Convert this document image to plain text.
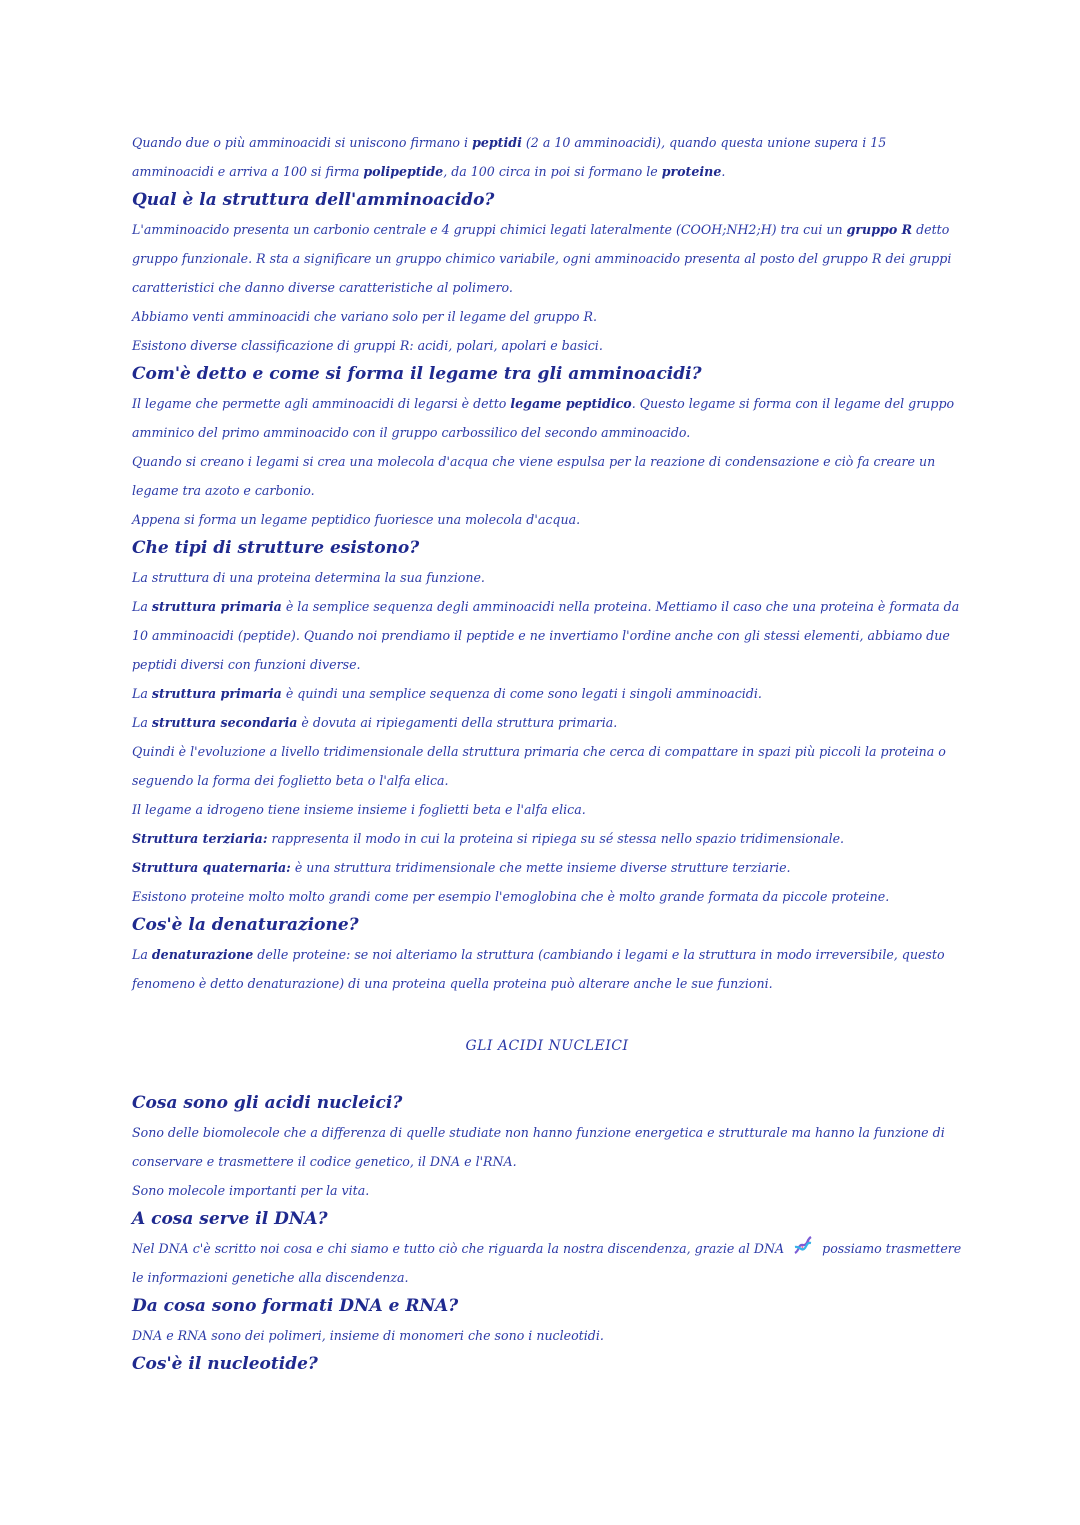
Quando due o più amminoacidi si uniscono firmano i peptidi (2 a 10 amminoacidi), quando questa unione supera i 15 amminoacidi e arriva a 100 si firma polipeptide, da 100 circa in poi si formano le proteine.

Qual è la struttura dell'amminoacido?

L'amminoacido presenta un carbonio centrale e 4 gruppi chimici legati lateralmente (COOH;NH2;H) tra cui un gruppo R detto gruppo funzionale. R sta a significare un gruppo chimico variabile, ogni amminoacido presenta al posto del gruppo R dei gruppi caratteristici che danno diverse caratteristiche al polimero.

Abbiamo venti amminoacidi che variano solo per il legame del gruppo R.

Esistono diverse classificazione di gruppi R: acidi, polari, apolari e basici.

Com'è detto e come si forma il legame tra gli amminoacidi?

Il legame che permette agli amminoacidi di legarsi è detto legame peptidico. Questo legame si forma con il legame del gruppo amminico del primo amminoacido con il gruppo carbossilico del secondo amminoacido.

Quando si creano i legami si crea una molecola d'acqua che viene espulsa per la reazione di condensazione e ciò fa creare un legame tra azoto e carbonio.

Appena si forma un legame peptidico fuoriesce una molecola d'acqua.

Che tipi di strutture esistono?

La struttura di una proteina determina la sua funzione.

La struttura primaria è la semplice sequenza degli amminoacidi nella proteina. Mettiamo il caso che una proteina è formata da 10 amminoacidi (peptide). Quando noi prendiamo il peptide e ne invertiamo l'ordine anche con gli stessi elementi, abbiamo due peptidi diversi con funzioni diverse.

La struttura primaria è quindi una semplice sequenza di come sono legati i singoli amminoacidi.

La struttura secondaria è dovuta ai ripiegamenti della struttura primaria.

Quindi è l'evoluzione a livello tridimensionale della struttura primaria che cerca di compattare in spazi più piccoli la proteina o seguendo la forma dei foglietto beta o l'alfa elica.

Il legame a idrogeno tiene insieme insieme i foglietti beta e l'alfa elica.

Struttura terziaria: rappresenta il modo in cui la proteina si ripiega su sé stessa nello spazio tridimensionale.

Struttura quaternaria: è una struttura tridimensionale che mette insieme diverse strutture terziarie.

Esistono proteine molto molto grandi come per esempio l'emoglobina che è molto grande formata da piccole proteine.

Cos'è la denaturazione?

La denaturazione delle proteine: se noi alteriamo la struttura (cambiando i legami e la struttura in modo irreversibile, questo fenomeno è detto denaturazione) di una proteina quella proteina può alterare anche le sue funzioni.

GLI ACIDI NUCLEICI

Cosa sono gli acidi nucleici?

Sono delle biomolecole che a differenza di quelle studiate non hanno funzione energetica e strutturale ma hanno la funzione di conservare e trasmettere il codice genetico, il DNA e l'RNA.

Sono molecole importanti per la vita.

A cosa serve il DNA?

Nel DNA c'è scritto noi cosa e chi siamo e tutto ciò che riguarda la nostra discendenza, grazie al DNA  possiamo trasmettere le informazioni genetiche alla discendenza.

Da cosa sono formati DNA e RNA?

DNA e RNA sono dei polimeri, insieme di monomeri che sono i nucleotidi.

Cos'è il nucleotide?
